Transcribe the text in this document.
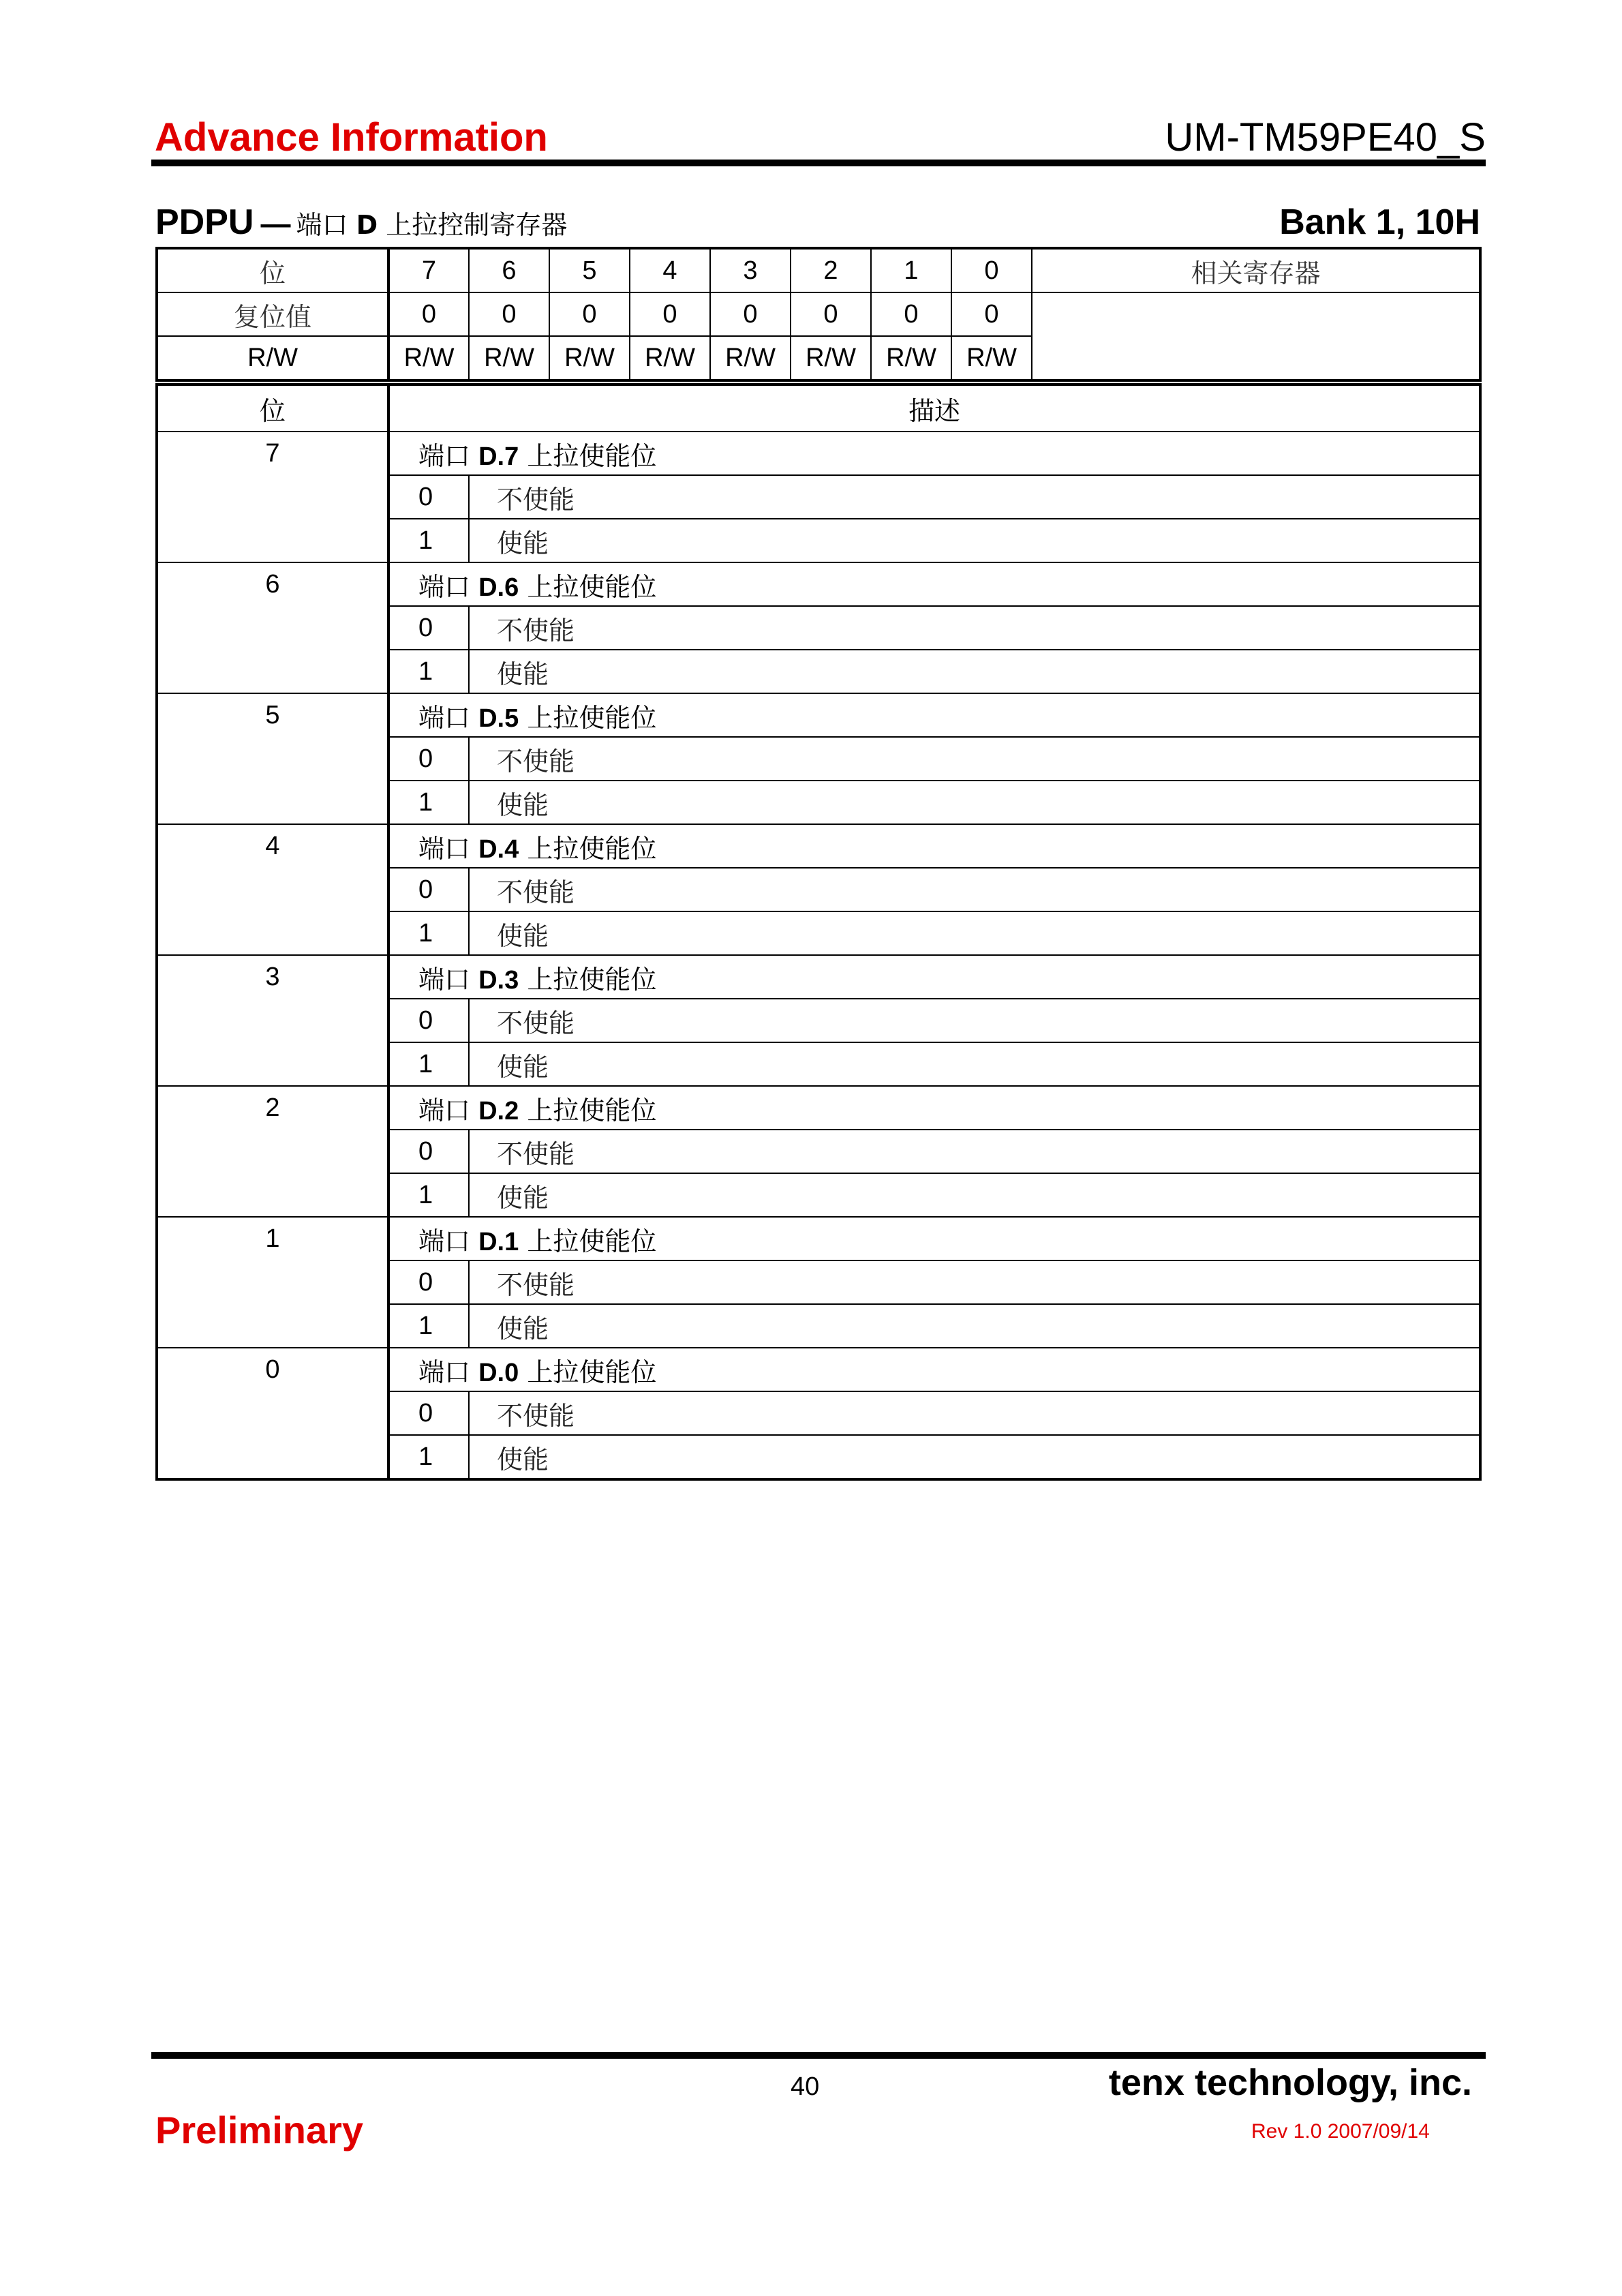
Advance Information	UM-TM59PE40_S
PDPU — 端口 D 上拉控制寄存器	Bank 1, 10H
位	7	6	5	4	3	2	1	0	相关寄存器
复位值	0	0	0	0	0	0	0	0	
R/W	R/W	R/W	R/W	R/W	R/W	R/W	R/W	R/W	
位	描述	
7	端口 D.7 上拉使能位	
	0	不使能
	1	使能
6	端口 D.6 上拉使能位	
	0	不使能
	1	使能
5	端口 D.5 上拉使能位	
	0	不使能
	1	使能
4	端口 D.4 上拉使能位	
	0	不使能
	1	使能
3	端口 D.3 上拉使能位	
	0	不使能
	1	使能
2	端口 D.2 上拉使能位	
	0	不使能
	1	使能
1	端口 D.1 上拉使能位	
	0	不使能
	1	使能
0	端口 D.0 上拉使能位	
	0	不使能
	1	使能
40	tenx technology, inc.
Preliminary	Rev 1.0 2007/09/14
